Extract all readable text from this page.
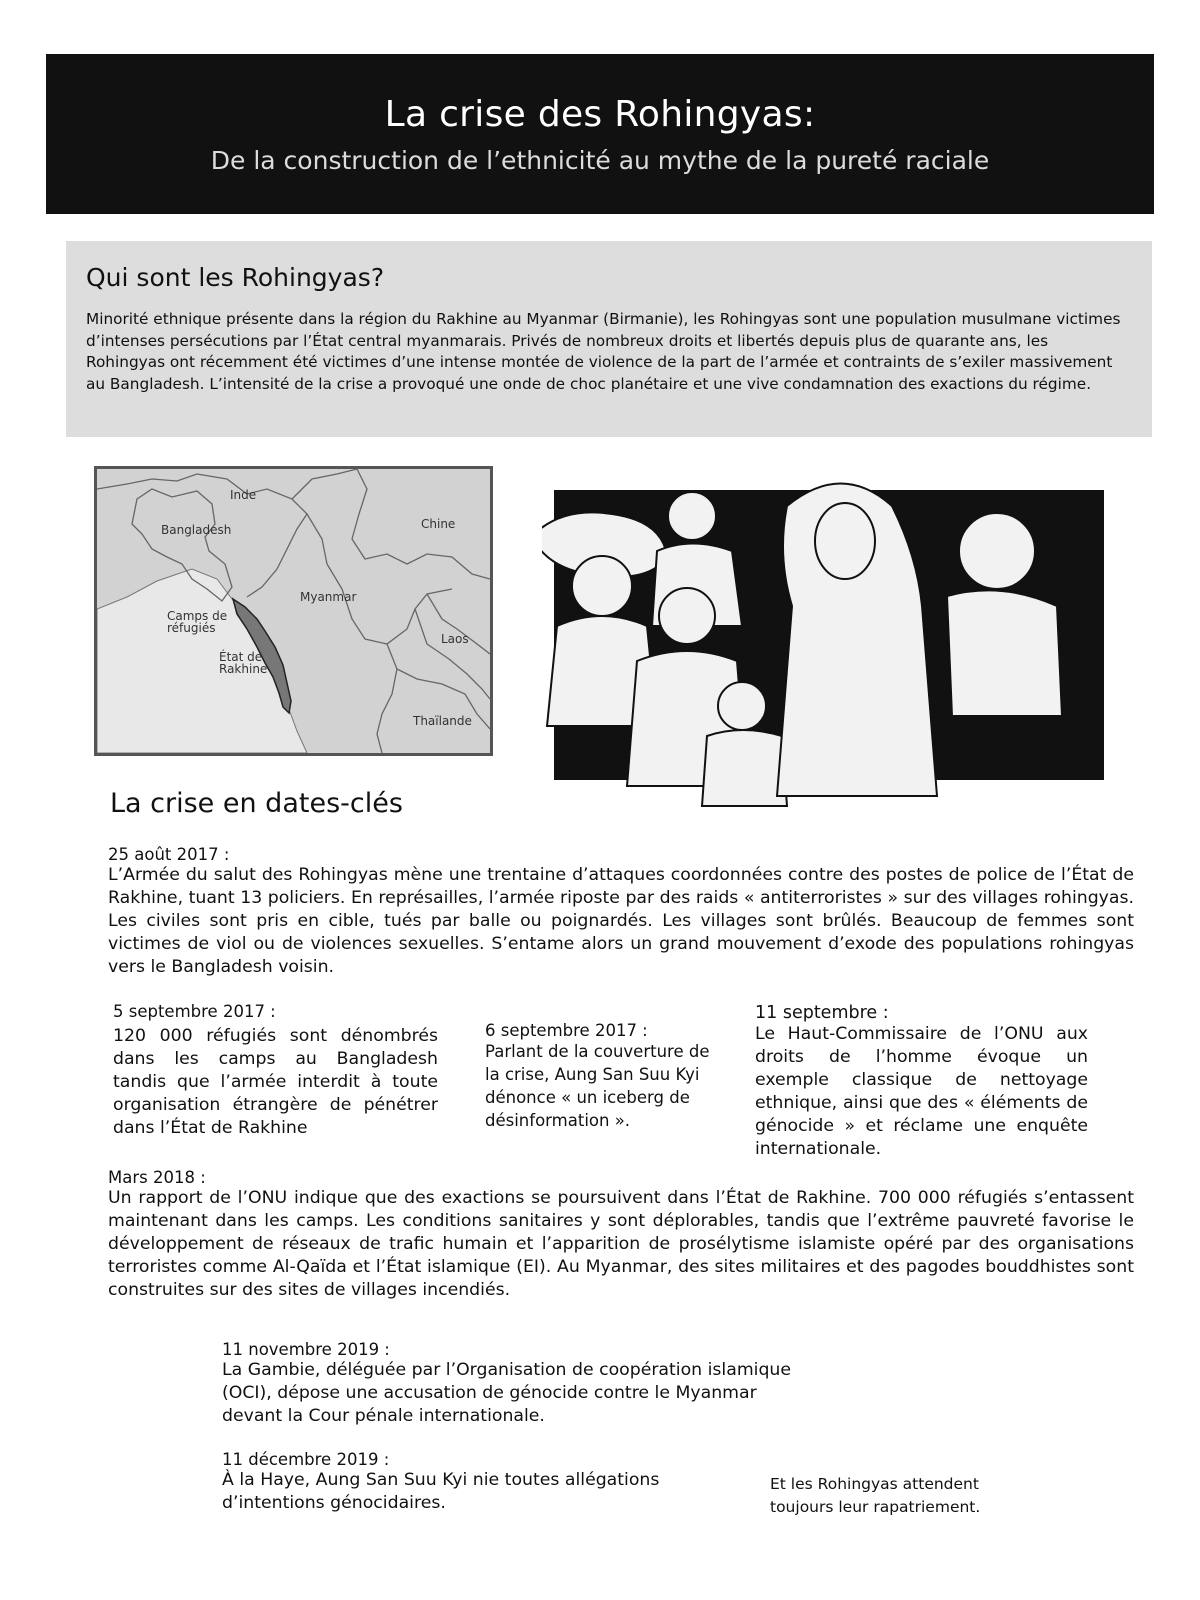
La crise des Rohingyas:
De la construction de l’ethnicité au mythe de la pureté raciale
Qui sont les Rohingyas?

Minorité ethnique présente dans la région du Rakhine au Myanmar (Birmanie), les Rohingyas sont une population musulmane victimes d’intenses persécutions par l’État central myanmarais. Privés de nombreux droits et libertés depuis plus de quarante ans, les Rohingyas ont récemment été victimes d’une intense montée de violence de la part de l’armée et contraints de s’exiler massivement au Bangladesh. L’intensité de la crise a provoqué une onde de choc planétaire et une vive condamnation des exactions du régime.

Inde
Bangladesh	Chine
Myanmar
Camps de
réfugiés
État de
Rakhine
Laos
Thaïlande
La crise en dates-clés
25 août 2017 :
L’Armée du salut des Rohingyas mène une trentaine d’attaques coordonnées contre des postes de police de l’État de Rakhine, tuant 13 policiers. En représailles, l’armée riposte par des raids « antiterroristes » sur des villages rohingyas. Les civiles sont pris en cible, tués par balle ou poignardés. Les villages sont brûlés. Beaucoup de femmes sont victimes de viol ou de violences sexuelles. S’entame alors un grand mouvement d’exode des populations rohingyas vers le Bangladesh voisin.
5 septembre 2017 :
120 000 réfugiés sont dénombrés dans les camps au Bangladesh tandis que l’armée interdit à toute organisation étrangère de pénétrer dans l’État de Rakhine
6 septembre 2017 :
Parlant de la couverture de la crise, Aung San Suu Kyi dénonce « un iceberg de désinformation ».
11 septembre :
Le Haut-Commissaire de l’ONU aux droits de l’homme évoque un exemple classique de nettoyage ethnique, ainsi que des « éléments de génocide » et réclame une enquête internationale.
Mars 2018 :
Un rapport de l’ONU indique que des exactions se poursuivent dans l’État de Rakhine. 700 000 réfugiés s’entassent maintenant dans les camps. Les conditions sanitaires y sont déplorables, tandis que l’extrême pauvreté favorise le développement de réseaux de trafic humain et l’apparition de prosélytisme islamiste opéré par des organisations terroristes comme Al-Qaïda et l’État islamique (EI). Au Myanmar, des sites militaires et des pagodes bouddhistes sont construites sur des sites de villages incendiés.
11 novembre 2019 :
La Gambie, déléguée par l’Organisation de coopération islamique (OCI), dépose une accusation de génocide contre le Myanmar devant la Cour pénale internationale.
11 décembre 2019 :
À la Haye, Aung San Suu Kyi nie toutes allégations d’intentions génocidaires.
Et les Rohingyas attendent toujours leur rapatriement.
